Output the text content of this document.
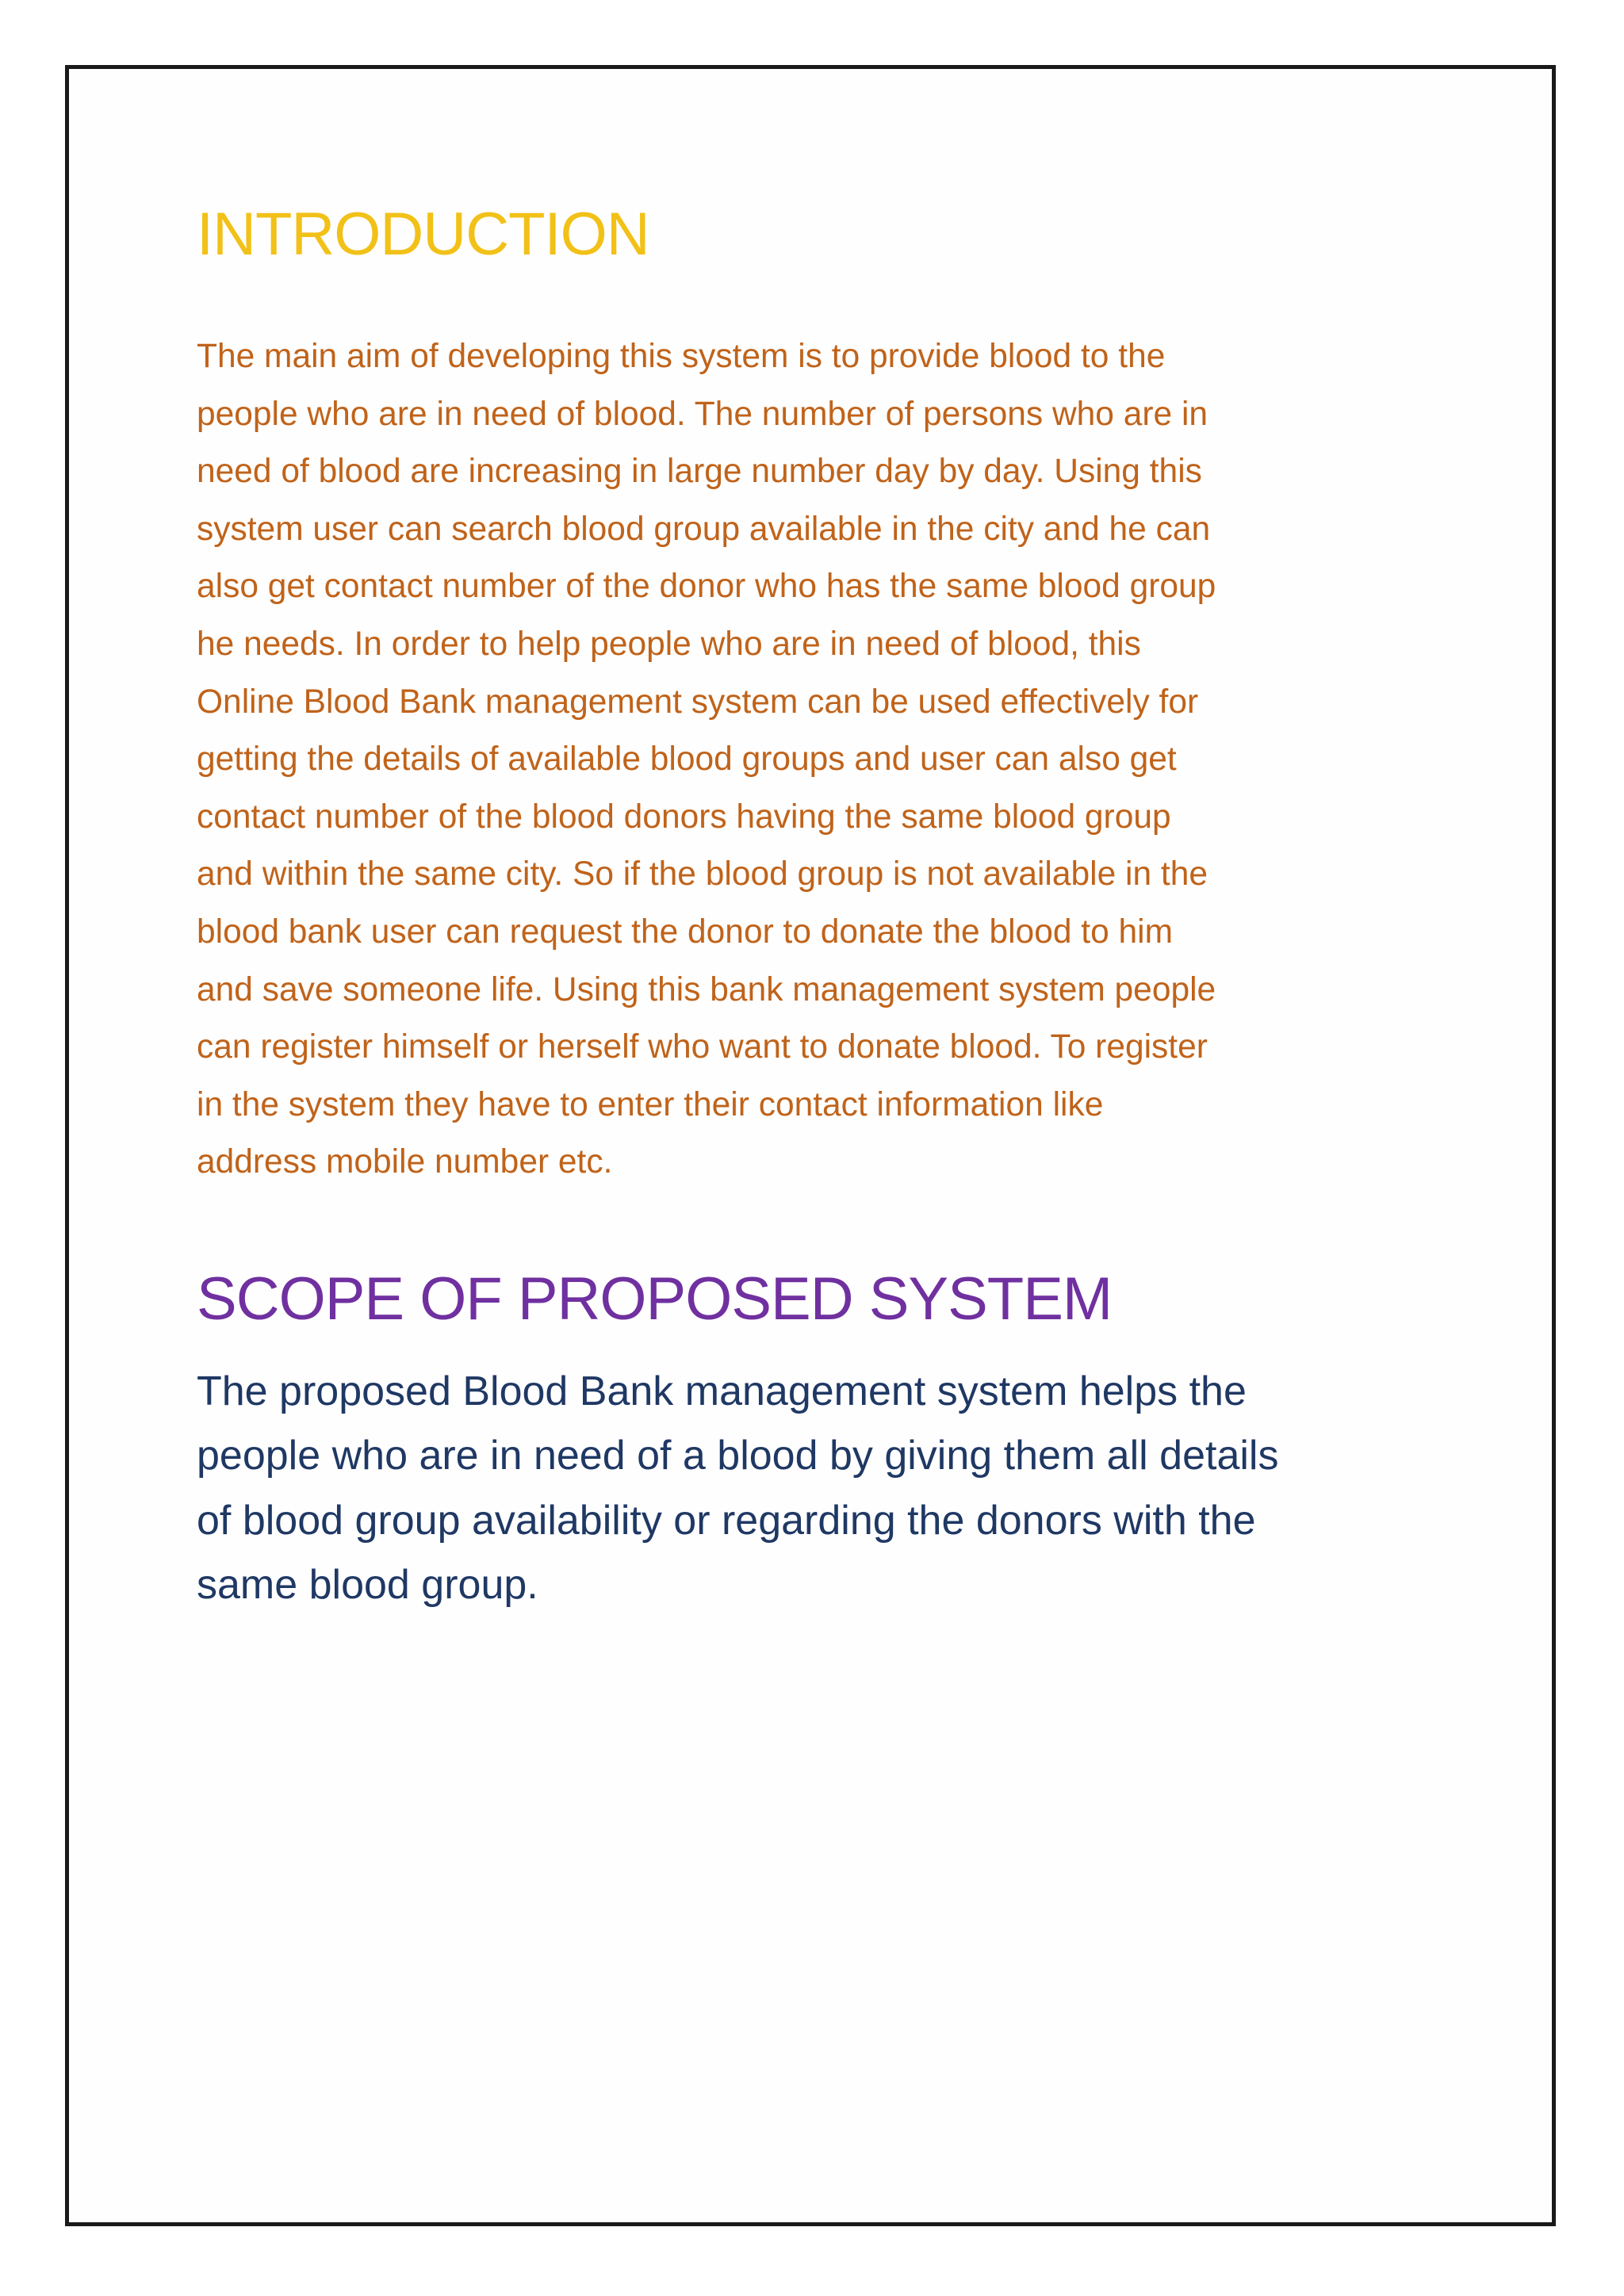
INTRODUCTION

The main aim of developing this system is to provide blood to the
people who are in need of blood. The number of persons who are in
need of blood are increasing in large number day by day. Using this
system user can search blood group available in the city and he can
also get contact number of the donor who has the same blood group
he needs. In order to help people who are in need of blood, this
Online Blood Bank management system can be used effectively for
getting the details of available blood groups and user can also get
contact number of the blood donors having the same blood group
and within the same city. So if the blood group is not available in the
blood bank user can request the donor to donate the blood to him
and save someone life. Using this bank management system people
can register himself or herself who want to donate blood. To register
in the system they have to enter their contact information like
address mobile number etc.

SCOPE OF PROPOSED SYSTEM

The proposed Blood Bank management system helps the
people who are in need of a blood by giving them all details
of blood group availability or regarding the donors with the
same blood group.
